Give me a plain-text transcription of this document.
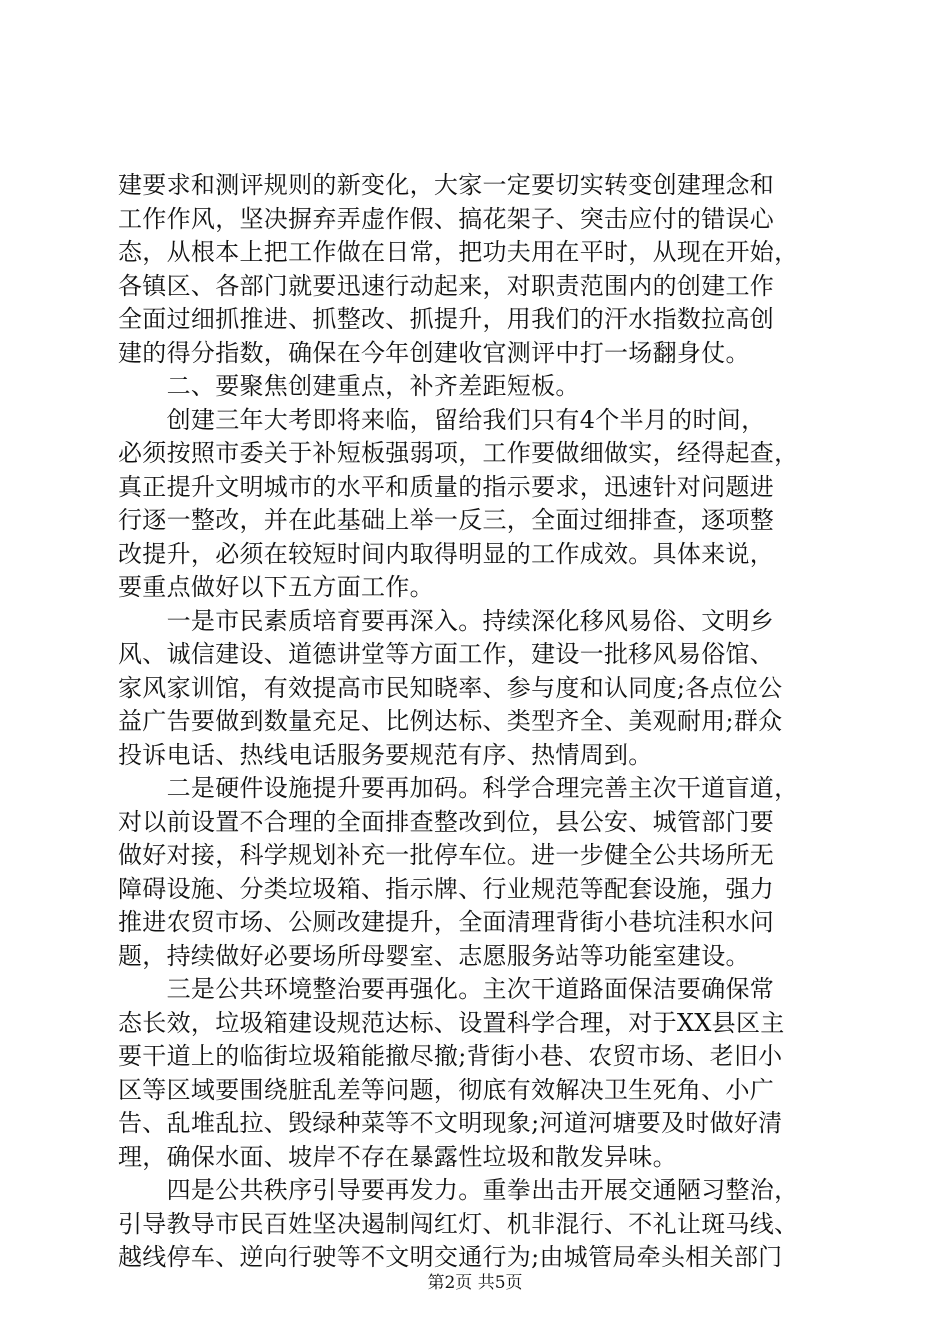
建要求和测评规则的新变化，大家一定要切实转变创建理念和
工作作风，坚决摒弃弄虚作假、搞花架子、突击应付的错误心
态，从根本上把工作做在日常，把功夫用在平时，从现在开始，
各镇区、各部门就要迅速行动起来，对职责范围内的创建工作
全面过细抓推进、抓整改、抓提升，用我们的汗水指数拉高创
建的得分指数，确保在今年创建收官测评中打一场翻身仗。
　　二、要聚焦创建重点，补齐差距短板。
　　创建三年大考即将来临，留给我们只有4个半月的时间，
必须按照市委关于补短板强弱项，工作要做细做实，经得起查，
真正提升文明城市的水平和质量的指示要求，迅速针对问题进
行逐一整改，并在此基础上举一反三，全面过细排查，逐项整
改提升，必须在较短时间内取得明显的工作成效。具体来说，
要重点做好以下五方面工作。
　　一是市民素质培育要再深入。持续深化移风易俗、文明乡
风、诚信建设、道德讲堂等方面工作，建设一批移风易俗馆、
家风家训馆，有效提高市民知晓率、参与度和认同度;各点位公
益广告要做到数量充足、比例达标、类型齐全、美观耐用;群众
投诉电话、热线电话服务要规范有序、热情周到。
　　二是硬件设施提升要再加码。科学合理完善主次干道盲道，
对以前设置不合理的全面排查整改到位，县公安、城管部门要
做好对接，科学规划补充一批停车位。进一步健全公共场所无
障碍设施、分类垃圾箱、指示牌、行业规范等配套设施，强力
推进农贸市场、公厕改建提升，全面清理背街小巷坑洼积水问
题，持续做好必要场所母婴室、志愿服务站等功能室建设。
　　三是公共环境整治要再强化。主次干道路面保洁要确保常
态长效，垃圾箱建设规范达标、设置科学合理，对于XX县区主
要干道上的临街垃圾箱能撤尽撤;背街小巷、农贸市场、老旧小
区等区域要围绕脏乱差等问题，彻底有效解决卫生死角、小广
告、乱堆乱拉、毁绿种菜等不文明现象;河道河塘要及时做好清
理，确保水面、坡岸不存在暴露性垃圾和散发异味。
　　四是公共秩序引导要再发力。重拳出击开展交通陋习整治，
引导教导市民百姓坚决遏制闯红灯、机非混行、不礼让斑马线、
越线停车、逆向行驶等不文明交通行为;由城管局牵头相关部门
第2页 共5页
